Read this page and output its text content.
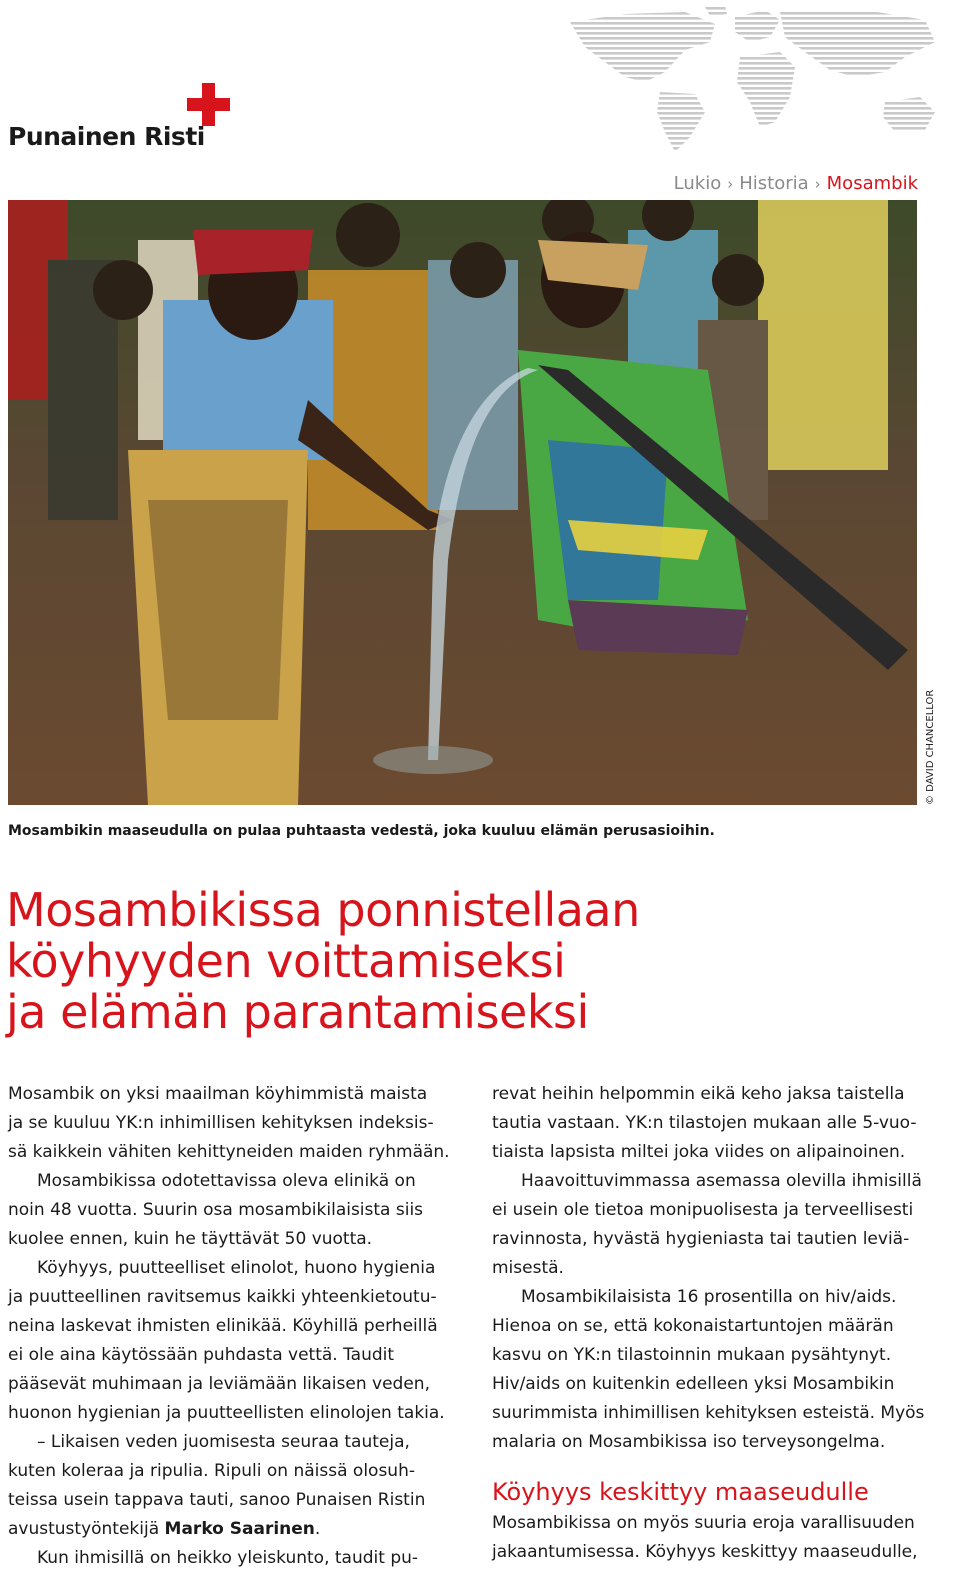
Punainen Risti
Lukio › Historia › Mosambik
© DAVID CHANCELLOR
Mosambikin maaseudulla on pulaa puhtaasta vedestä, joka kuuluu elämän perusasioihin.
Mosambikissa ponnistellaan
köyhyyden voittamiseksi
ja elämän parantamiseksi

Mosambik on yksi maailman köyhimmistä maista
ja se kuuluu YK:n inhimillisen kehityksen indeksis-
sä kaikkein vähiten kehittyneiden maiden ryhmään.

Mosambikissa odotettavissa oleva elinikä on
noin 48 vuotta. Suurin osa mosambikilaisista siis
kuolee ennen, kuin he täyttävät 50 vuotta.

Köyhyys, puutteelliset elinolot, huono hygienia
ja puutteellinen ravitsemus kaikki yhteenkietoutu-
neina laskevat ihmisten elinikää. Köyhillä perheillä
ei ole aina käytössään puhdasta vettä. Taudit
pääsevät muhimaan ja leviämään likaisen veden,
huonon hygienian ja puutteellisten elinolojen takia.

– Likaisen veden juomisesta seuraa tauteja,
kuten koleraa ja ripulia. Ripuli on näissä olosuh-
teissa usein tappava tauti, sanoo Punaisen Ristin
avustustyöntekijä Marko Saarinen.

Kun ihmisillä on heikko yleiskunto, taudit pu-

revat heihin helpommin eikä keho jaksa taistella
tautia vastaan. YK:n tilastojen mukaan alle 5-vuo-
tiaista lapsista miltei joka viides on alipainoinen.

Haavoittuvimmassa asemassa olevilla ihmisillä
ei usein ole tietoa monipuolisesta ja terveellisesti
ravinnosta, hyvästä hygieniasta tai tautien leviä-
misestä.

Mosambikilaisista 16 prosentilla on hiv/aids.
Hienoa on se, että kokonaistartuntojen määrän
kasvu on YK:n tilastoinnin mukaan pysähtynyt.
Hiv/aids on kuitenkin edelleen yksi Mosambikin
suurimmista inhimillisen kehityksen esteistä. Myös
malaria on Mosambikissa iso terveysongelma.

Köyhyys keskittyy maaseudulle

Mosambikissa on myös suuria eroja varallisuuden
jakaantumisessa. Köyhyys keskittyy maaseudulle,
